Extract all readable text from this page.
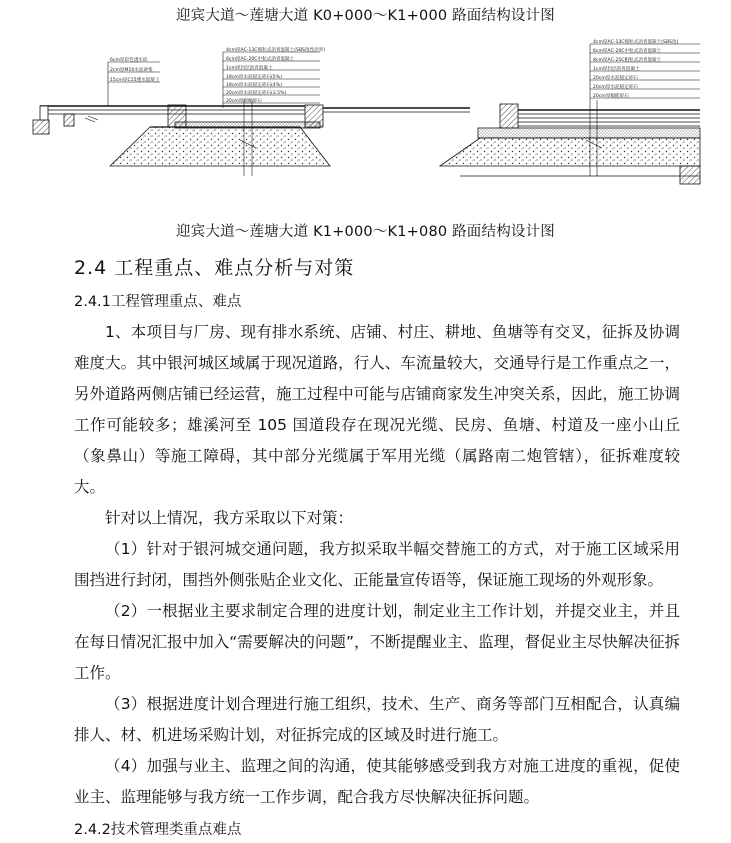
迎宾大道～莲塘大道 K0+000～K1+000 路面结构设计图
6cm厚彩色透水砖
2cm厚M10水泥砂浆
15cm厚C15透水混凝土
4cm厚AC-13C细粒式沥青混凝土(SBS改性沥青)
6cm厚AC-20C中粒式沥青混凝土
1cm厚封层沥青混凝土
18cm厚水泥稳定碎石(5%)
18cm厚水泥稳定碎石(4%)
20cm厚水泥稳定碎石(3.5%)
20cm厚级配碎石
4cm厚AC-13C细粒式沥青混凝土(SBS改)
6cm厚AC-20C中粒式沥青混凝土
8cm厚AC-25C粗粒式沥青混凝土
1cm厚封层沥青混凝土
20cm厚水泥稳定碎石
20cm厚水泥稳定碎石
20cm厚级配碎石
迎宾大道～莲塘大道 K1+000～K1+080 路面结构设计图
2.4 工程重点、难点分析与对策
2.4.1工程管理重点、难点

1、本项目与厂房、现有排水系统、店铺、村庄、耕地、鱼塘等有交叉，征拆及协调难度大。其中银河城区域属于现况道路，行人、车流量较大，交通导行是工作重点之一，另外道路两侧店铺已经运营，施工过程中可能与店铺商家发生冲突关系，因此，施工协调工作可能较多；雄溪河至 105 国道段存在现况光缆、民房、鱼塘、村道及一座小山丘（象鼻山）等施工障碍，其中部分光缆属于军用光缆（属路南二炮管辖），征拆难度较大。

针对以上情况，我方采取以下对策：

（1）针对于银河城交通问题，我方拟采取半幅交替施工的方式，对于施工区域采用围挡进行封闭，围挡外侧张贴企业文化、正能量宣传语等，保证施工现场的外观形象。

（2）一根据业主要求制定合理的进度计划，制定业主工作计划，并提交业主，并且在每日情况汇报中加入“需要解决的问题”，不断提醒业主、监理，督促业主尽快解决征拆工作。

（3）根据进度计划合理进行施工组织，技术、生产、商务等部门互相配合，认真编排人、材、机进场采购计划，对征拆完成的区域及时进行施工。

（4）加强与业主、监理之间的沟通，使其能够感受到我方对施工进度的重视，促使业主、监理能够与我方统一工作步调，配合我方尽快解决征拆问题。

2.4.2技术管理类重点难点
